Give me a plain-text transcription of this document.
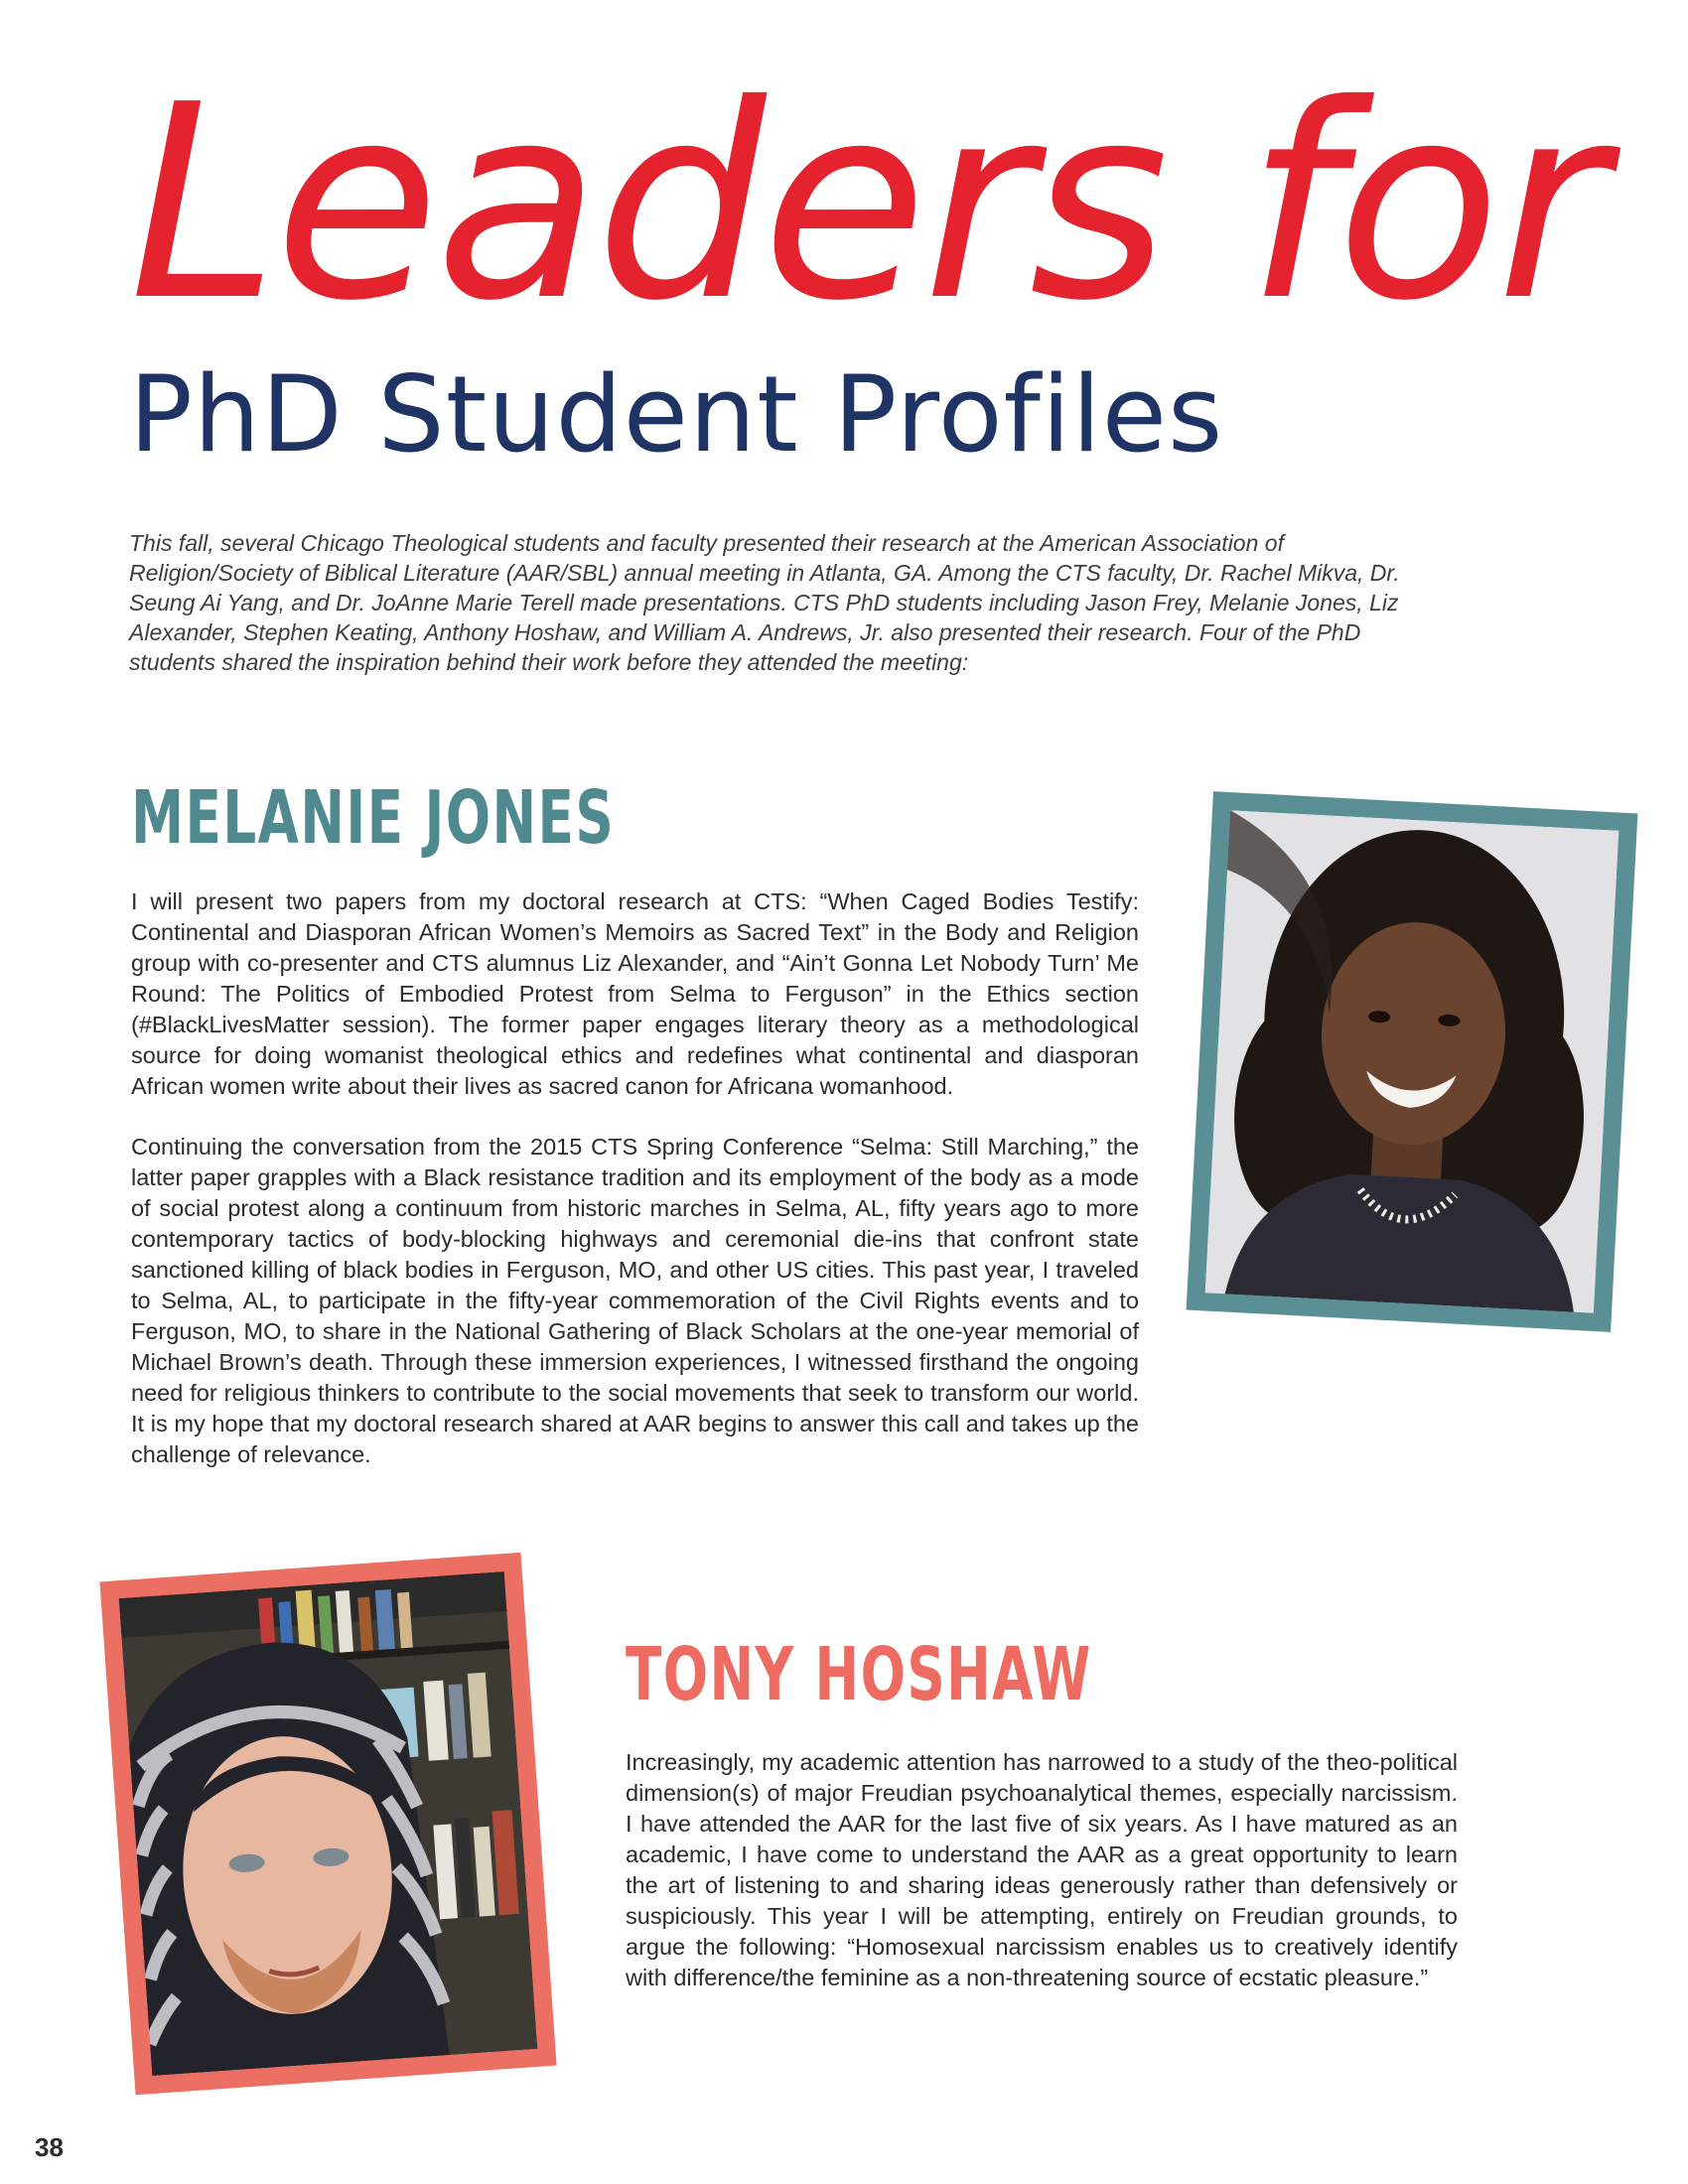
Leaders for
PhD Student Profiles

This fall, several Chicago Theological students and faculty presented their research at the American Association of Religion/Society of Biblical Literature (AAR/SBL) annual meeting in Atlanta, GA. Among the CTS faculty, Dr. Rachel Mikva, Dr. Seung Ai Yang, and Dr. JoAnne Marie Terell made presentations. CTS PhD students including Jason Frey, Melanie Jones, Liz Alexander, Stephen Keating, Anthony Hoshaw, and William A. Andrews, Jr. also presented their research. Four of the PhD students shared the inspiration behind their work before they attended the meeting:

MELANIE JONES

I will present two papers from my doctoral research at CTS: “When Caged Bodies Testify: Continental and Diasporan African Women’s Memoirs as Sacred Text” in the Body and Religion group with co-presenter and CTS alumnus Liz Alexander, and “Ain’t Gonna Let Nobody Turn’ Me Round: The Politics of Embodied Protest from Selma to Ferguson” in the Ethics section (#BlackLivesMatter session). The former paper engages literary theory as a methodological source for doing womanist theological ethics and redefines what continental and diasporan African women write about their lives as sacred canon for Africana womanhood.

Continuing the conversation from the 2015 CTS Spring Conference “Selma: Still Marching,” the latter paper grapples with a Black resistance tradition and its employment of the body as a mode of social protest along a continuum from historic marches in Selma, AL, fifty years ago to more contemporary tactics of body-blocking highways and ceremonial die-ins that confront state sanctioned killing of black bodies in Ferguson, MO, and other US cities. This past year, I traveled to Selma, AL, to participate in the fifty-year commemoration of the Civil Rights events and to Ferguson, MO, to share in the National Gathering of Black Scholars at the one-year memorial of Michael Brown’s death. Through these immersion experiences, I witnessed firsthand the ongoing need for religious thinkers to contribute to the social movements that seek to transform our world. It is my hope that my doctoral research shared at AAR begins to answer this call and takes up the challenge of relevance.

TONY HOSHAW

Increasingly, my academic attention has narrowed to a study of the theo-political dimension(s) of major Freudian psychoanalytical themes, especially narcissism. I have attended the AAR for the last five of six years. As I have matured as an academic, I have come to understand the AAR as a great opportunity to learn the art of listening to and sharing ideas generously rather than defensively or suspiciously. This year I will be attempting, entirely on Freudian grounds, to argue the following: “Homosexual narcissism enables us to creatively identify with difference/the feminine as a non-threatening source of ecstatic pleasure.”

38
